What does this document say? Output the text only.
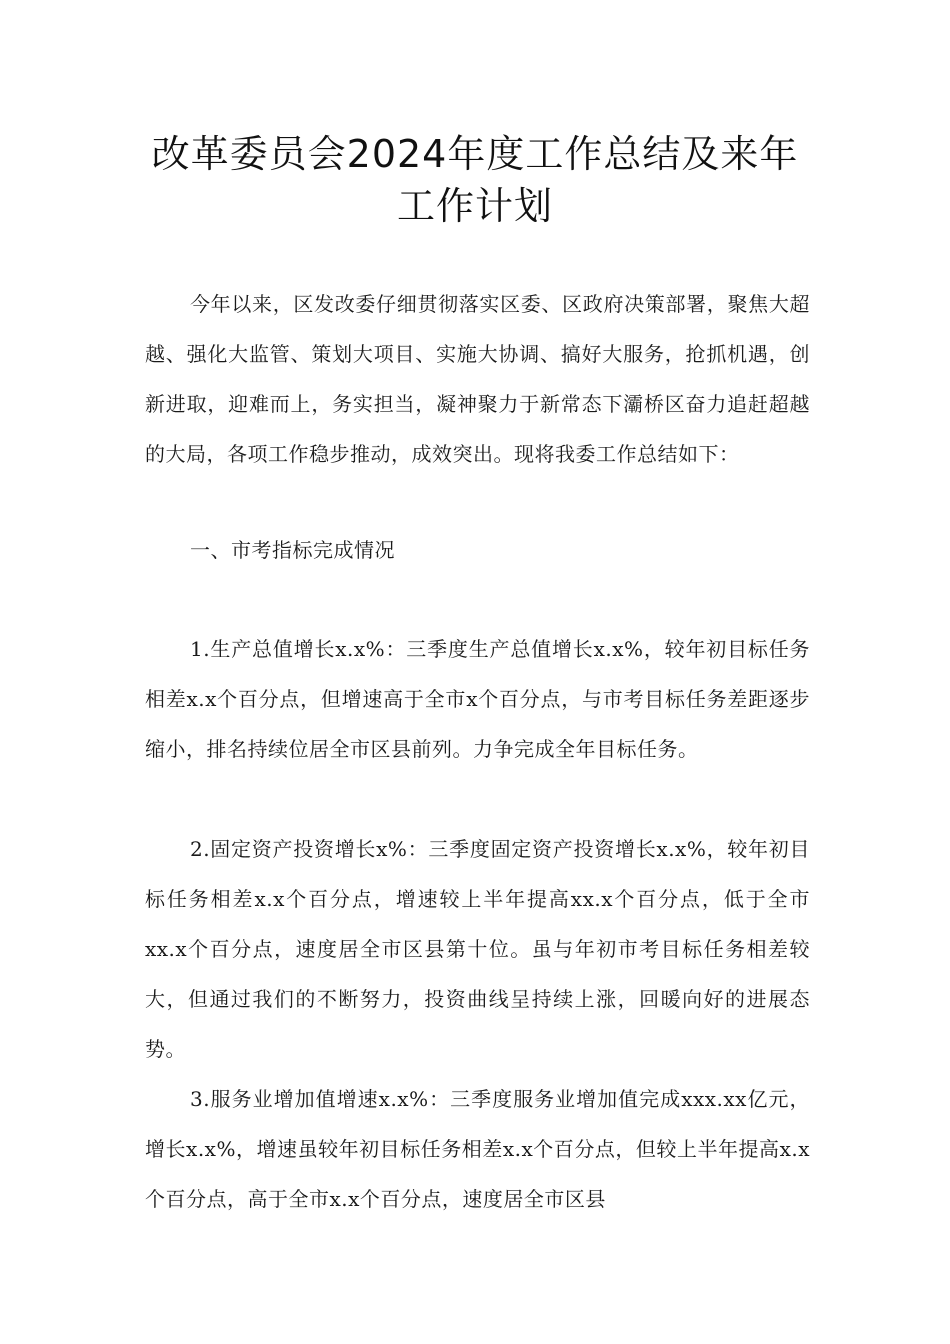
改革委员会2024年度工作总结及来年
工作计划

今年以来，区发改委仔细贯彻落实区委、区政府决策部署，聚焦大超越、强化大监管、策划大项目、实施大协调、搞好大服务，抢抓机遇，创新进取，迎难而上，务实担当，凝神聚力于新常态下灞桥区奋力追赶超越的大局，各项工作稳步推动，成效突出。现将我委工作总结如下：

一、市考指标完成情况

1.生产总值增长x.x%：三季度生产总值增长x.x%，较年初目标任务相差x.x个百分点，但增速高于全市x个百分点，与市考目标任务差距逐步缩小，排名持续位居全市区县前列。力争完成全年目标任务。

2.固定资产投资增长x%：三季度固定资产投资增长x.x%，较年初目标任务相差x.x个百分点，增速较上半年提高xx.x个百分点，低于全市xx.x个百分点，速度居全市区县第十位。虽与年初市考目标任务相差较大，但通过我们的不断努力，投资曲线呈持续上涨，回暖向好的进展态势。

3.服务业增加值增速x.x%：三季度服务业增加值完成xxx.xx亿元，增长x.x%，增速虽较年初目标任务相差x.x个百分点，但较上半年提高x.x个百分点，高于全市x.x个百分点，速度居全市区县
